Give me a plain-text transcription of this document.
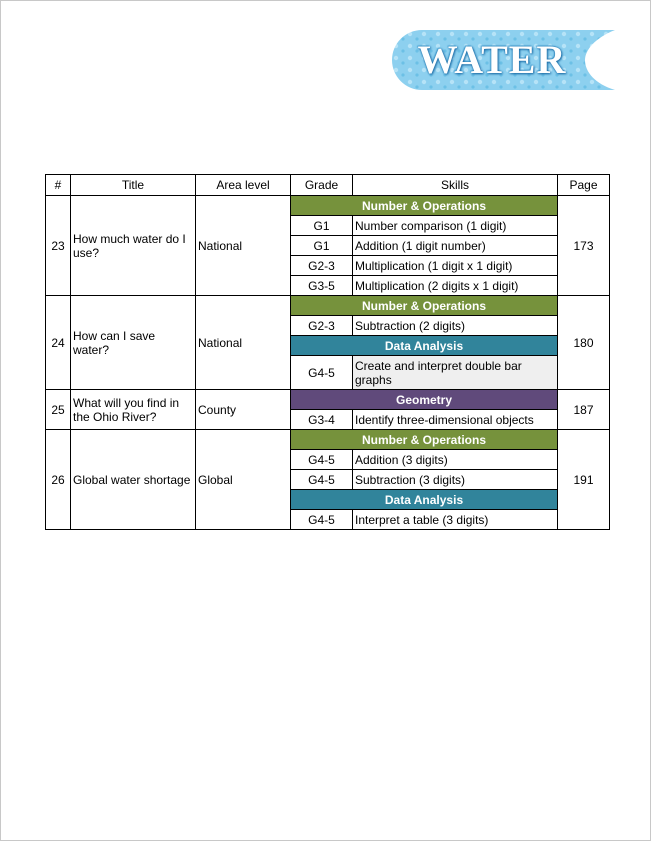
WATER
#	Title	Area level	Grade	Skills	Page
23	How much water do I use?	National	Number & Operations		173
			G1	Number comparison (1 digit)	
			G1	Addition (1 digit number)	
			G2-3	Multiplication (1 digit x 1 digit)	
			G3-5	Multiplication (2 digits x 1 digit)	
24	How can I save water?	National	Number & Operations		180
			G2-3	Subtraction (2 digits)	
			Data Analysis		
			G4-5	Create and interpret double bar graphs	
25	What will you find in the Ohio River?	County	Geometry		187
			G3-4	Identify three-dimensional objects	
26	Global water shortage	Global	Number & Operations		191
			G4-5	Addition (3 digits)	
			G4-5	Subtraction (3 digits)	
			Data Analysis		
			G4-5	Interpret a table (3 digits)	
